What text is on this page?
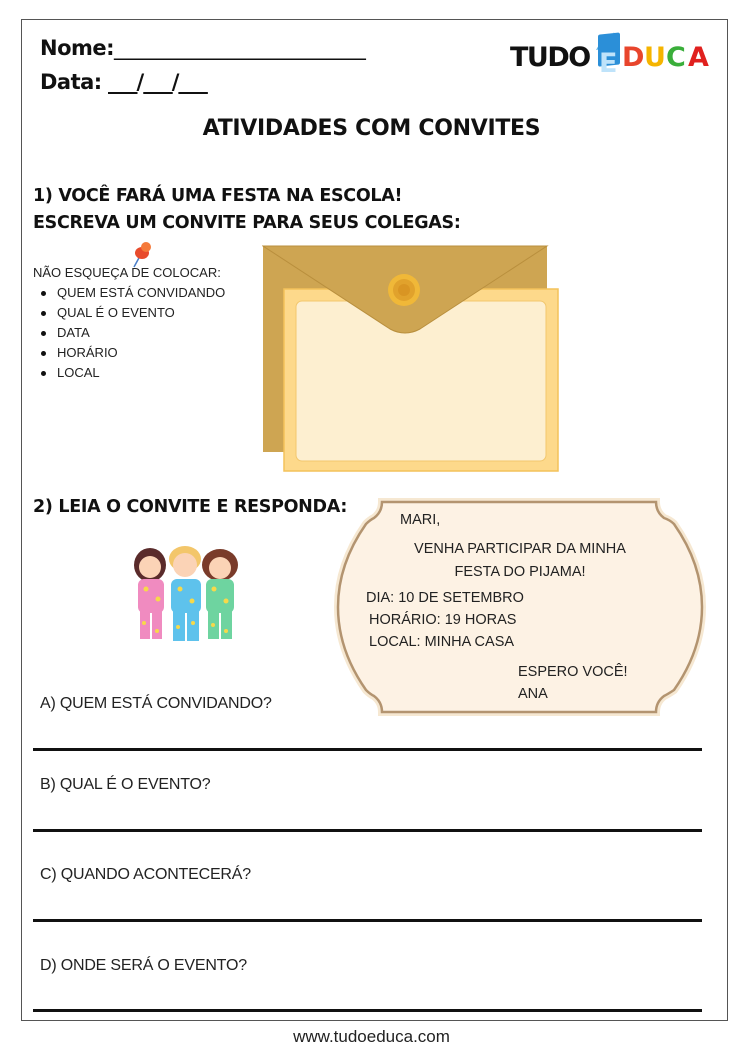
Nome:___________________________________
Data: ___/___/___
TUDO E D U C A
ATIVIDADES COM CONVITES
1) VOCÊ FARÁ UMA FESTA NA ESCOLA!
ESCREVA UM CONVITE PARA SEUS COLEGAS:
NÃO ESQUEÇA DE COLOCAR:
QUEM ESTÁ CONVIDANDO
QUAL É O EVENTO
DATA
HORÁRIO
LOCAL
2) LEIA O CONVITE E RESPONDA:
MARI,
VENHA PARTICIPAR DA MINHA
FESTA DO PIJAMA!
DIA: 10 DE SETEMBRO
HORÁRIO: 19 HORAS
LOCAL: MINHA CASA
ESPERO VOCÊ!
ANA
A) QUEM ESTÁ CONVIDANDO?
B) QUAL É O EVENTO?
C) QUANDO ACONTECERÁ?
D) ONDE SERÁ O EVENTO?
www.tudoeduca.com
